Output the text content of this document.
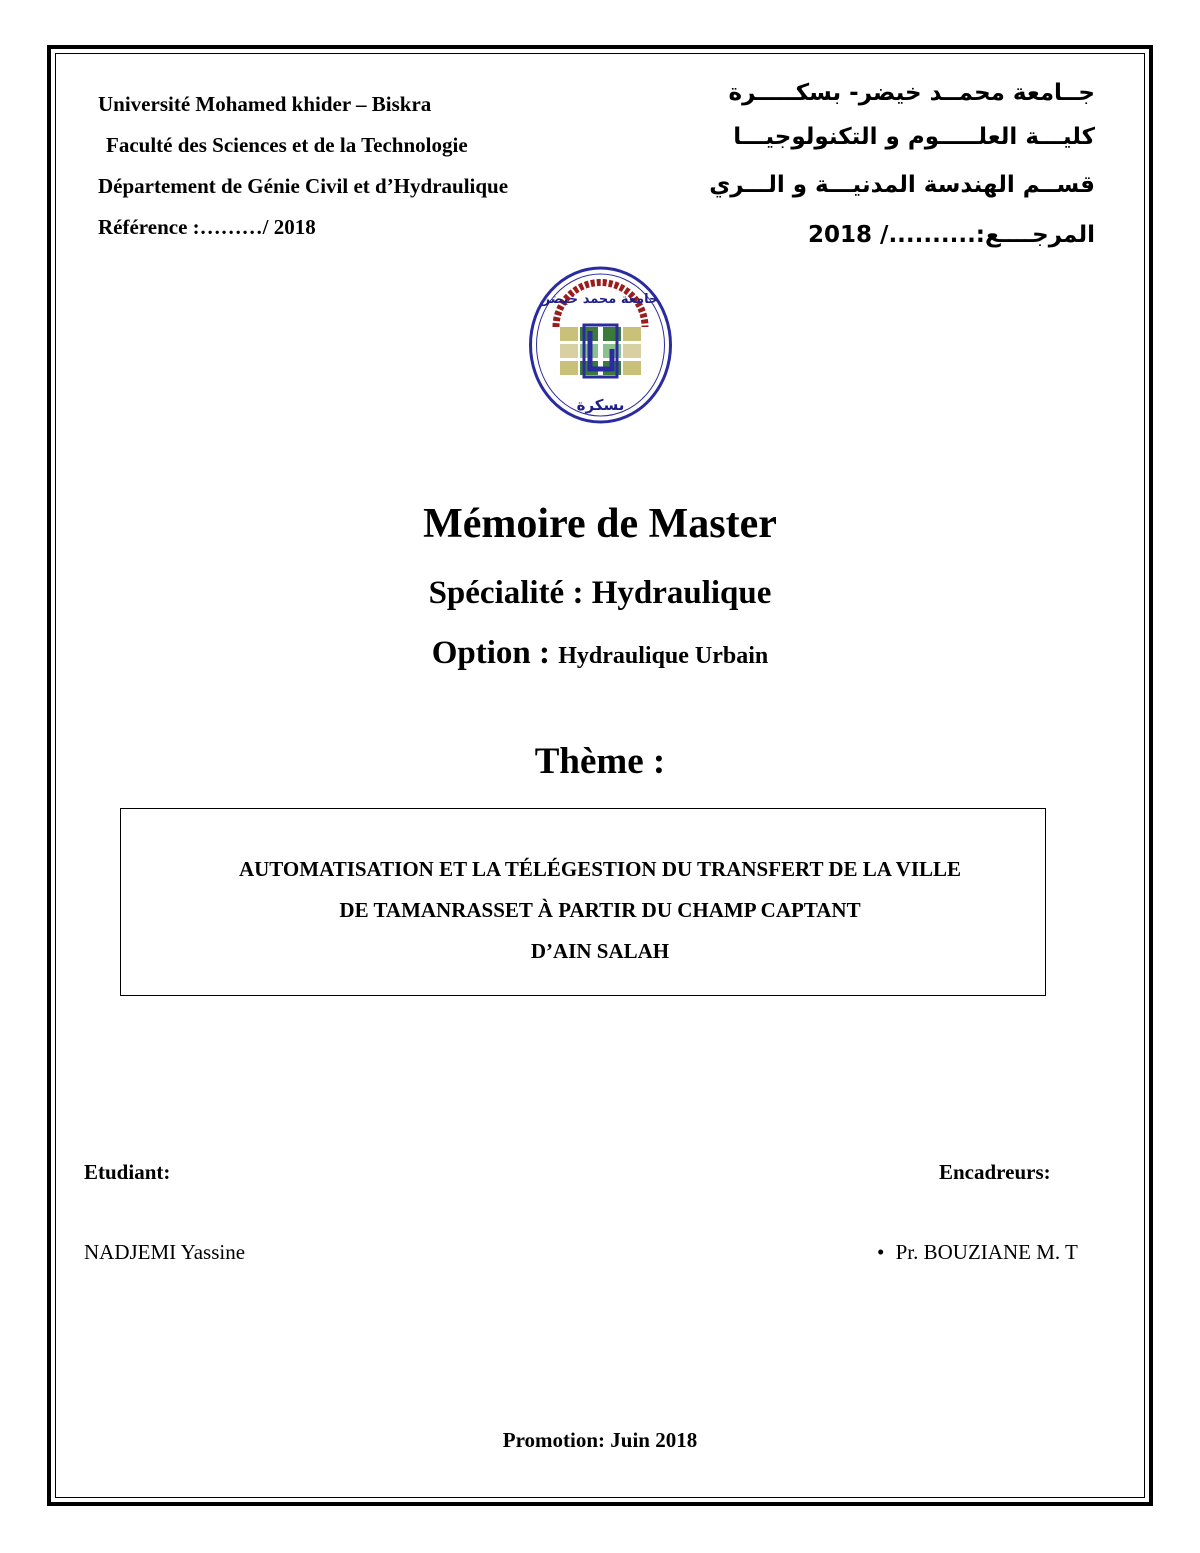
Université Mohamed khider – Biskra
Faculté des Sciences et de la Technologie
Département de Génie Civil et d’Hydraulique
Référence :………/ 2018
جــامعة محمــد خيضر- بسكـــــرة
كليـــة العلـــــوم و التكنولوجيـــا
قســم الهندسة المدنيـــة و الـــري
المرجــــع:........../ 2018
جامعة محمد خيضر
بسكرة
Mémoire de Master
Spécialité : Hydraulique
Option : Hydraulique Urbain
Thème :
AUTOMATISATION ET LA TÉLÉGESTION DU TRANSFERT DE LA VILLE
DE TAMANRASSET À PARTIR DU CHAMP CAPTANT
D’AIN SALAH
Etudiant:
NADJEMI Yassine
Encadreurs:
• Pr. BOUZIANE M. T
Promotion: Juin 2018
